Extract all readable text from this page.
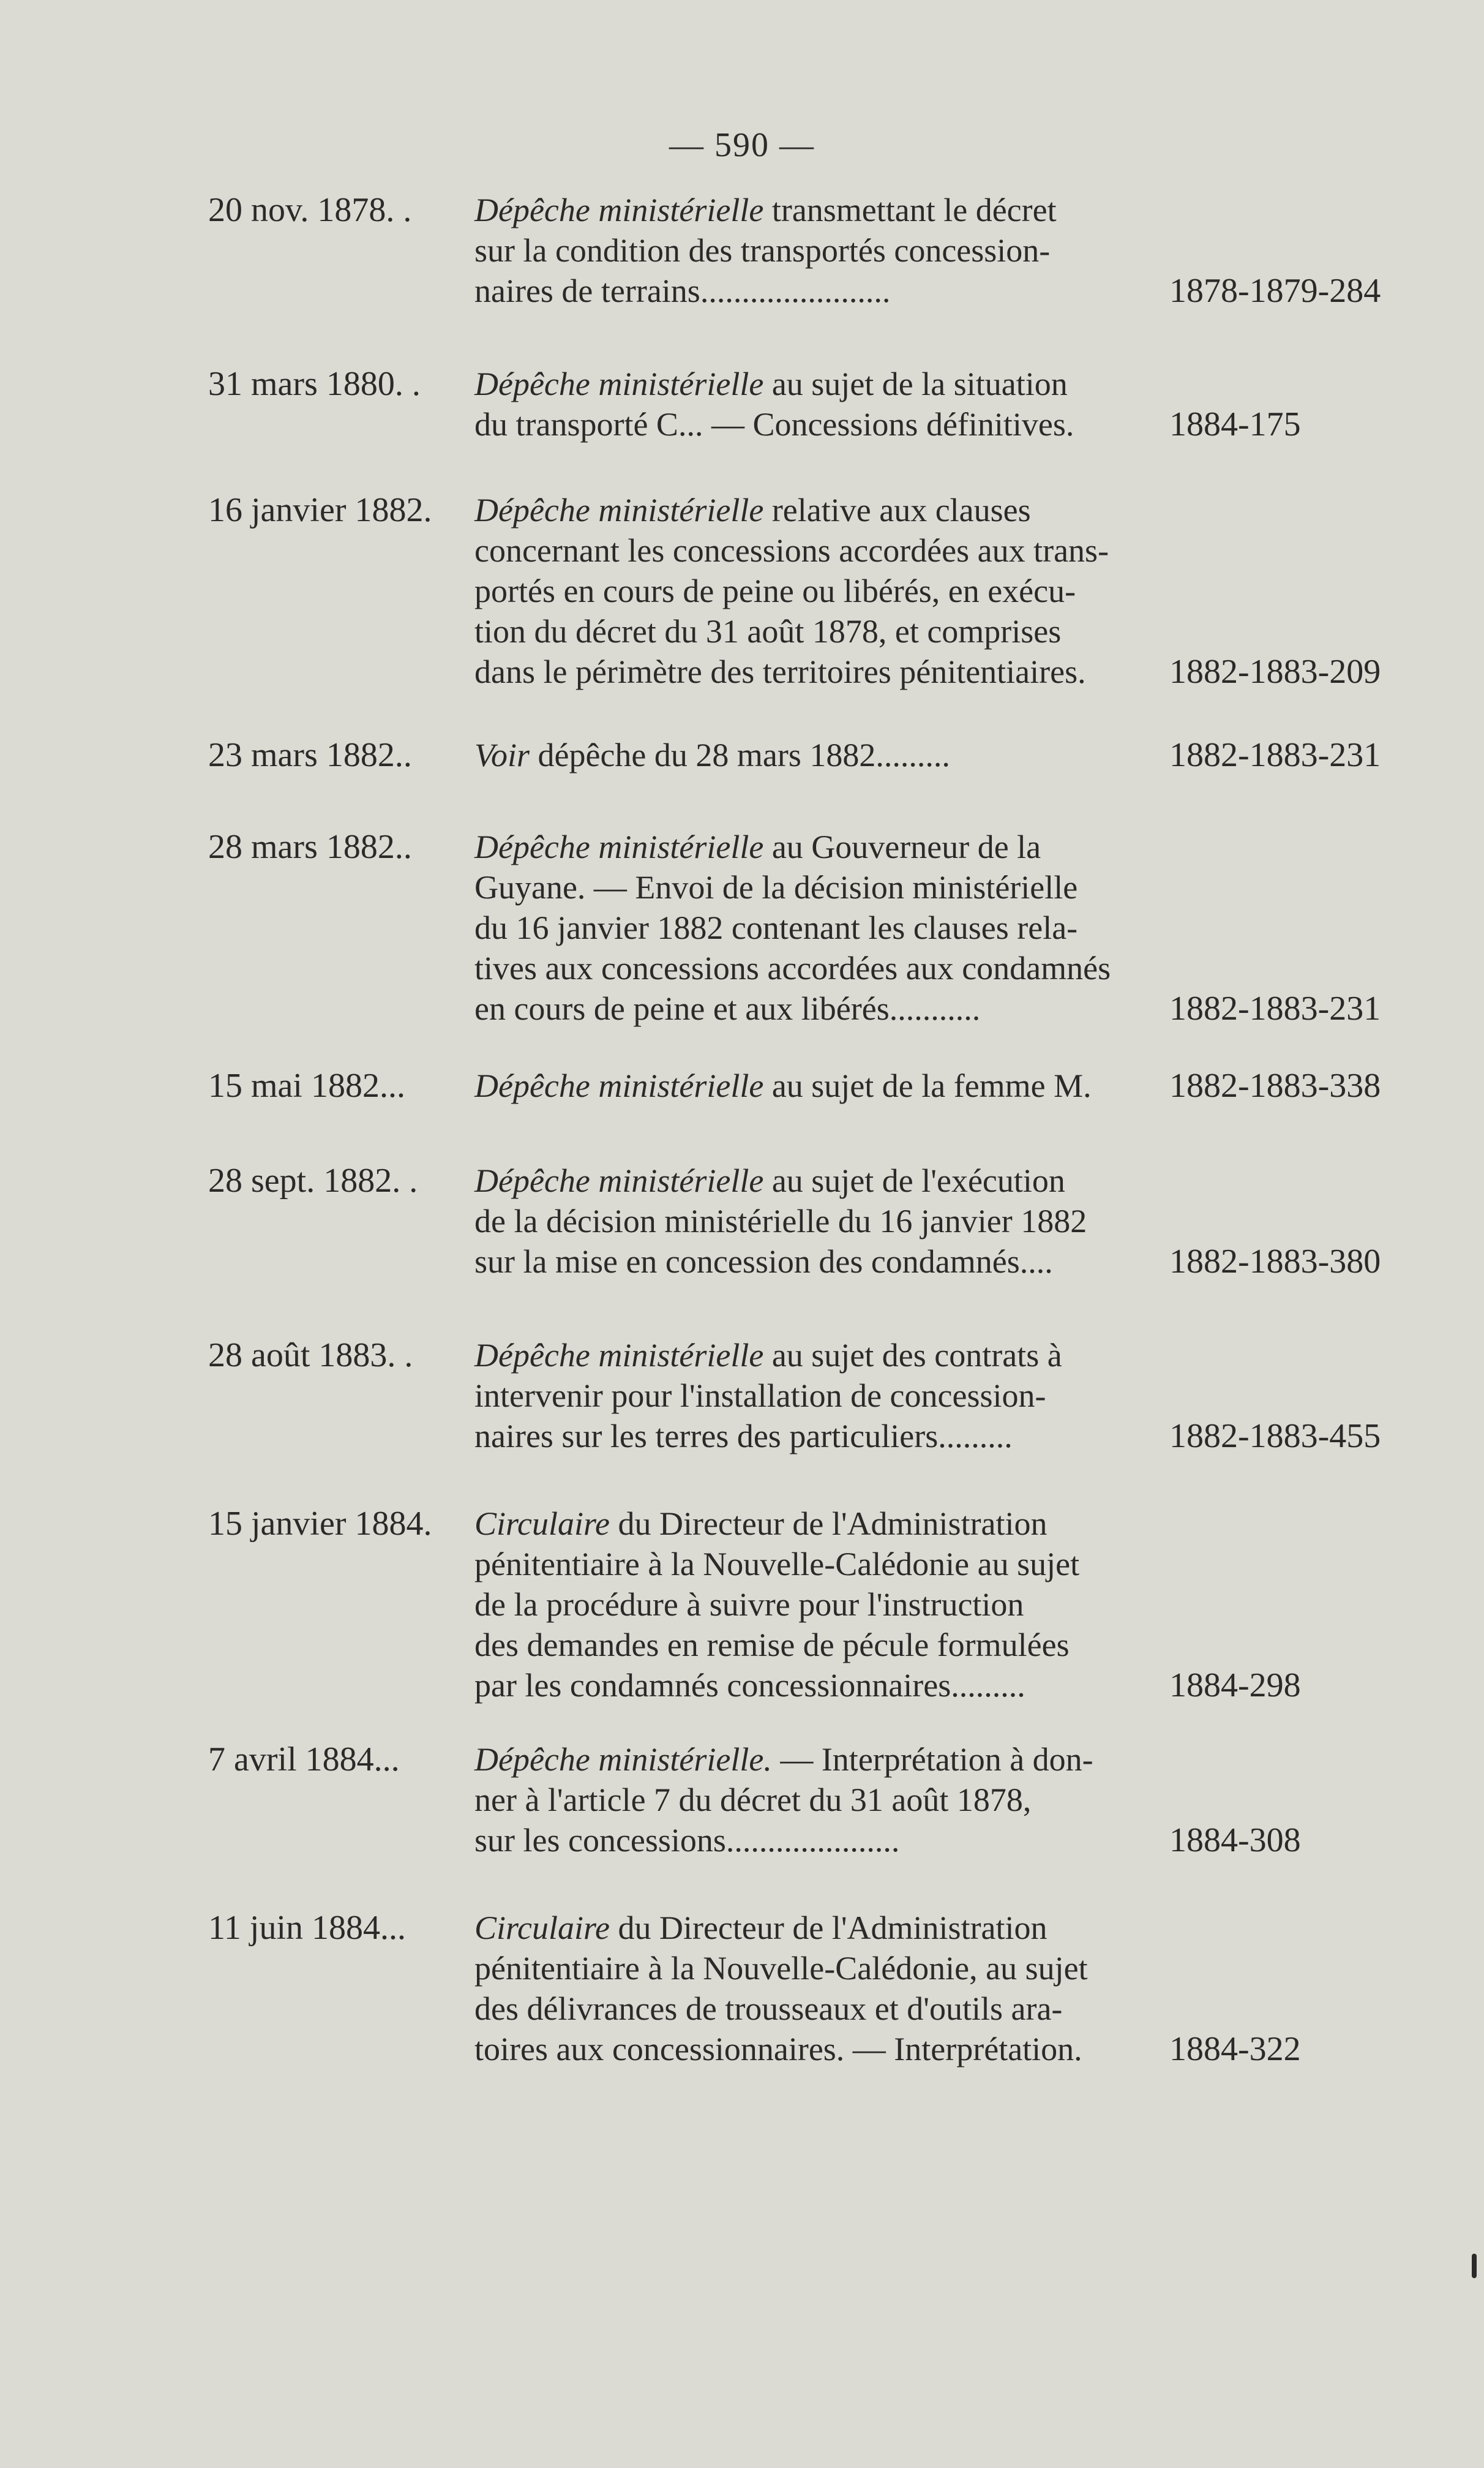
— 590 —
20 nov. 1878. . Dépêche ministérielle transmettant le décret
sur la condition des transportés concession-
naires de terrains.......................	1878-1879-284
31 mars 1880. . Dépêche ministérielle au sujet de la situation
du transporté C... — Concessions définitives.	1884-175
16 janvier 1882. Dépêche ministérielle relative aux clauses
concernant les concessions accordées aux trans-
portés en cours de peine ou libérés, en exécu-
tion du décret du 31 août 1878, et comprises
dans le périmètre des territoires pénitentiaires.	1882-1883-209
23 mars 1882.. Voir dépêche du 28 mars 1882.........	1882-1883-231
28 mars 1882.. Dépêche ministérielle au Gouverneur de la
Guyane. — Envoi de la décision ministérielle
du 16 janvier 1882 contenant les clauses rela-
tives aux concessions accordées aux condamnés
en cours de peine et aux libérés...........	1882-1883-231
15 mai 1882... Dépêche ministérielle au sujet de la femme M.	1882-1883-338
28 sept. 1882. . Dépêche ministérielle au sujet de l'exécution
de la décision ministérielle du 16 janvier 1882
sur la mise en concession des condamnés....	1882-1883-380
28 août 1883. . Dépêche ministérielle au sujet des contrats à
intervenir pour l'installation de concession-
naires sur les terres des particuliers.........	1882-1883-455
15 janvier 1884. Circulaire du Directeur de l'Administration
pénitentiaire à la Nouvelle-Calédonie au sujet
de la procédure à suivre pour l'instruction
des demandes en remise de pécule formulées
par les condamnés concessionnaires.........	1884-298
7 avril 1884... Dépêche ministérielle. — Interprétation à don-
ner à l'article 7 du décret du 31 août 1878,
sur les concessions.....................	1884-308
11 juin 1884... Circulaire du Directeur de l'Administration
pénitentiaire à la Nouvelle-Calédonie, au sujet
des délivrances de trousseaux et d'outils ara-
toires aux concessionnaires. — Interprétation.	1884-322
